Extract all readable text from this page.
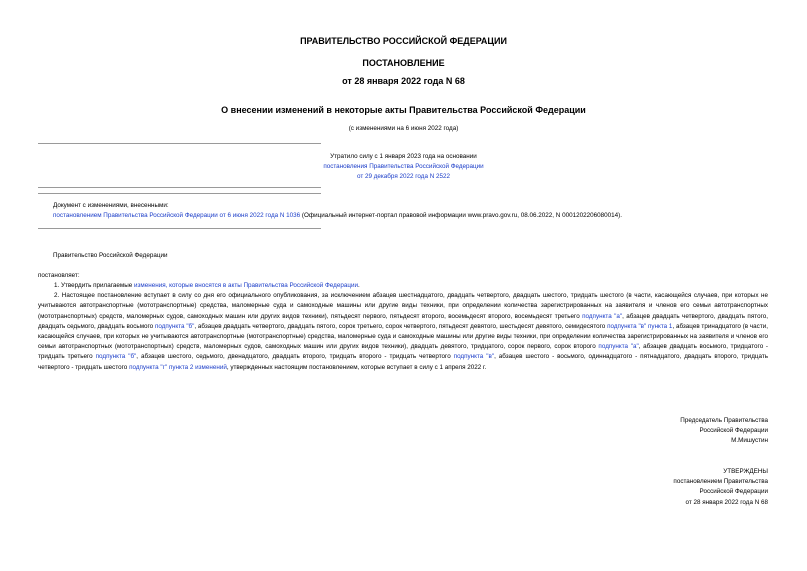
ПРАВИТЕЛЬСТВО РОССИЙСКОЙ ФЕДЕРАЦИИ
ПОСТАНОВЛЕНИЕ
от 28 января 2022 года N 68
О внесении изменений в некоторые акты Правительства Российской Федерации
(с изменениями на 6 июня 2022 года)
Утратило силу с 1 января 2023 года на основании
постановления Правительства Российской Федерации
от 29 декабря 2022 года N 2522
Документ с изменениями, внесенными:
постановлением Правительства Российской Федерации от 6 июня 2022 года N 1036 (Официальный интернет-портал правовой информации www.pravo.gov.ru, 08.06.2022, N 0001202206080014).
Правительство Российской Федерации
постановляет:

1. Утвердить прилагаемые изменения, которые вносятся в акты Правительства Российской Федерации.

2. Настоящее постановление вступает в силу со дня его официального опубликования, за исключением абзацев шестнадцатого, двадцать четвертого, двадцать шестого, тридцать шестого (в части, касающейся случаев, при которых не учитываются автотранспортные (мототранспортные) средства, маломерные суда и самоходные машины или другие виды техники, при определении количества зарегистрированных на заявителя и членов его семьи автотранспортных (мототранспортных) средств, маломерных судов, самоходных машин или других видов техники), пятьдесят первого, пятьдесят второго, восемьдесят второго, восемьдесят третьего подпункта "а", абзацев двадцать четвертого, двадцать пятого, двадцать седьмого, двадцать восьмого подпункта "б", абзацев двадцать четвертого, двадцать пятого, сорок третьего, сорок четвертого, пятьдесят девятого, шестьдесят девятого, семидесятого подпункта "в" пункта 1, абзацев тринадцатого (в части, касающейся случаев, при которых не учитываются автотранспортные (мототранспортные) средства, маломерные суда и самоходные машины или другие виды техники, при определении количества зарегистрированных на заявителя и членов его семьи автотранспортных (мототранспортных) средств, маломерных судов, самоходных машин или других видов техники), двадцать девятого, тридцатого, сорок первого, сорок второго подпункта "а", абзацев двадцать восьмого, тридцатого - тридцать третьего подпункта "б", абзацев шестого, седьмого, двенадцатого, двадцать второго, тридцать второго - тридцать четвертого подпункта "в", абзацев шестого - восьмого, одиннадцатого - пятнадцатого, двадцать второго, тридцать четвертого - тридцать шестого подпункта "г" пункта 2 изменений, утвержденных настоящим постановлением, которые вступает в силу с 1 апреля 2022 г.

Председатель Правительства
Российской Федерации
М.Мишустин
УТВЕРЖДЕНЫ
постановлением Правительства
Российской Федерации
от 28 января 2022 года N 68
